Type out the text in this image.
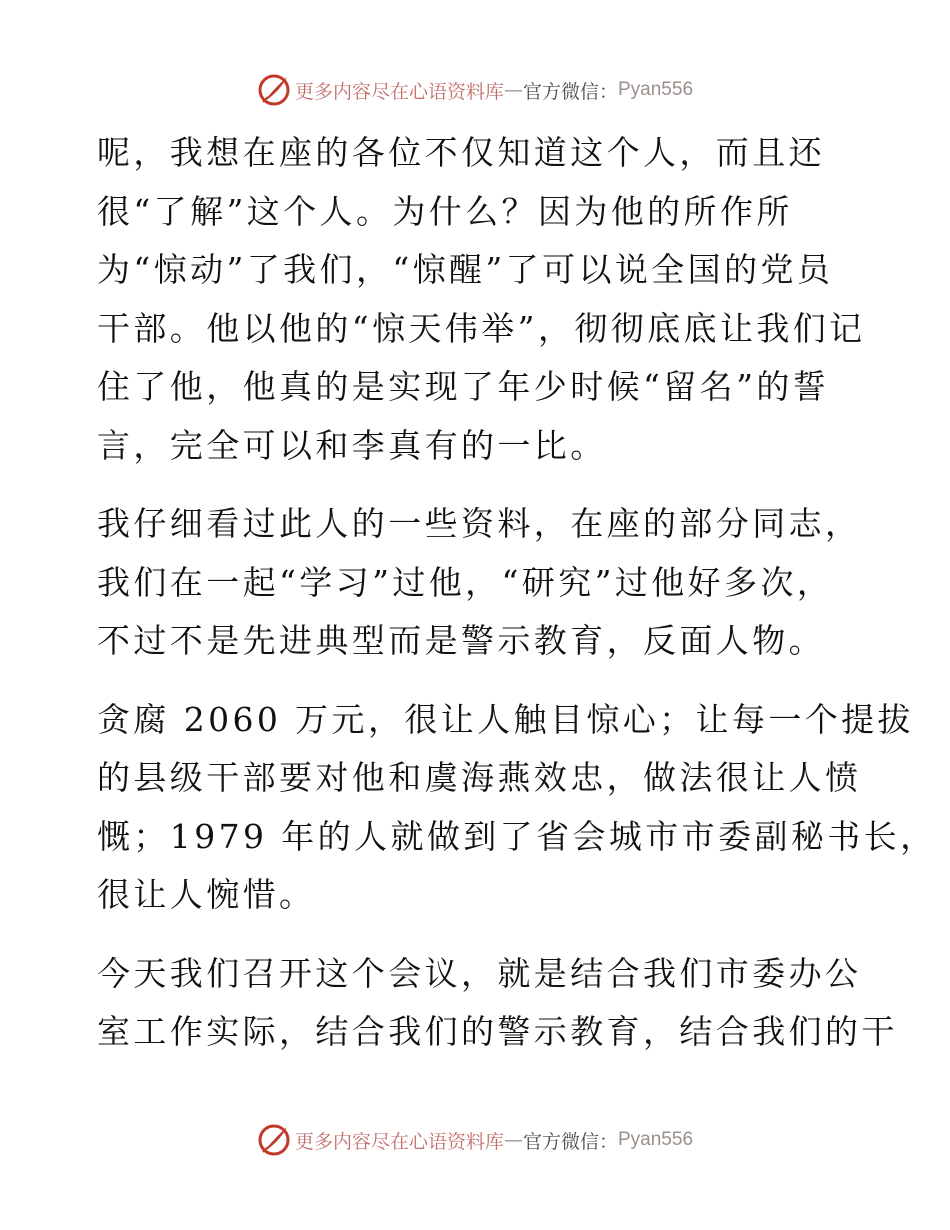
更多内容尽在心语资料库 — 官方微信： Pyan556

呢，我想在座的各位不仅知道这个人，而且还
很“了解”这个人。为什么？因为他的所作所
为“惊动”了我们，“惊醒”了可以说全国的党员
干部。他以他的“惊天伟举”，彻彻底底让我们记
住了他，他真的是实现了年少时候“留名”的誓
言，完全可以和李真有的一比。

我仔细看过此人的一些资料，在座的部分同志，
我们在一起“学习”过他，“研究”过他好多次，
不过不是先进典型而是警示教育，反面人物。

贪腐 2060 万元，很让人触目惊心；让每一个提拔
的县级干部要对他和虞海燕效忠，做法很让人愤
慨；1979 年的人就做到了省会城市市委副秘书长，
很让人惋惜。

今天我们召开这个会议，就是结合我们市委办公
室工作实际，结合我们的警示教育，结合我们的干

更多内容尽在心语资料库 — 官方微信： Pyan556
